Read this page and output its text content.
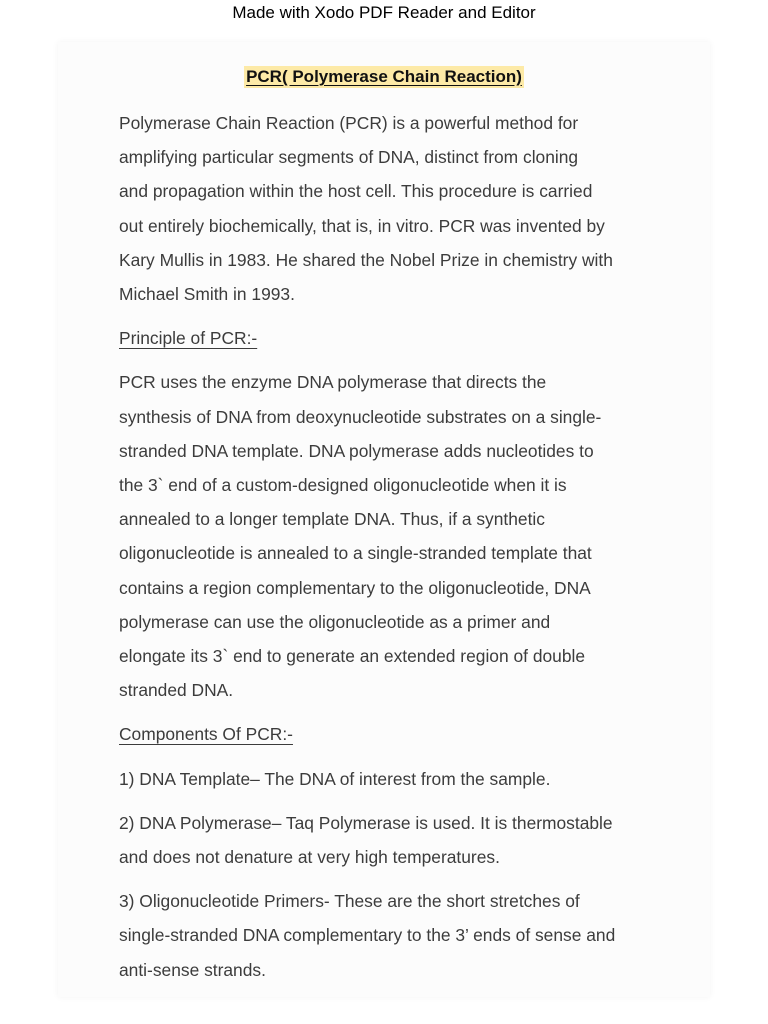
Made with Xodo PDF Reader and Editor
PCR( Polymerase Chain Reaction)
Polymerase Chain Reaction (PCR) is a powerful method for
amplifying particular segments of DNA, distinct from cloning
and propagation within the host cell. This procedure is carried
out entirely biochemically, that is, in vitro. PCR was invented by
Kary Mullis in 1983. He shared the Nobel Prize in chemistry with
Michael Smith in 1993.
Principle of PCR:-
PCR uses the enzyme DNA polymerase that directs the
synthesis of DNA from deoxynucleotide substrates on a single-
stranded DNA template. DNA polymerase adds nucleotides to
the 3` end of a custom-designed oligonucleotide when it is
annealed to a longer template DNA. Thus, if a synthetic
oligonucleotide is annealed to a single-stranded template that
contains a region complementary to the oligonucleotide, DNA
polymerase can use the oligonucleotide as a primer and
elongate its 3` end to generate an extended region of double
stranded DNA.
Components Of PCR:-
1) DNA Template– The DNA of interest from the sample.
2) DNA Polymerase– Taq Polymerase is used. It is thermostable
and does not denature at very high temperatures.
3) Oligonucleotide Primers- These are the short stretches of
single-stranded DNA complementary to the 3’ ends of sense and
anti-sense strands.
